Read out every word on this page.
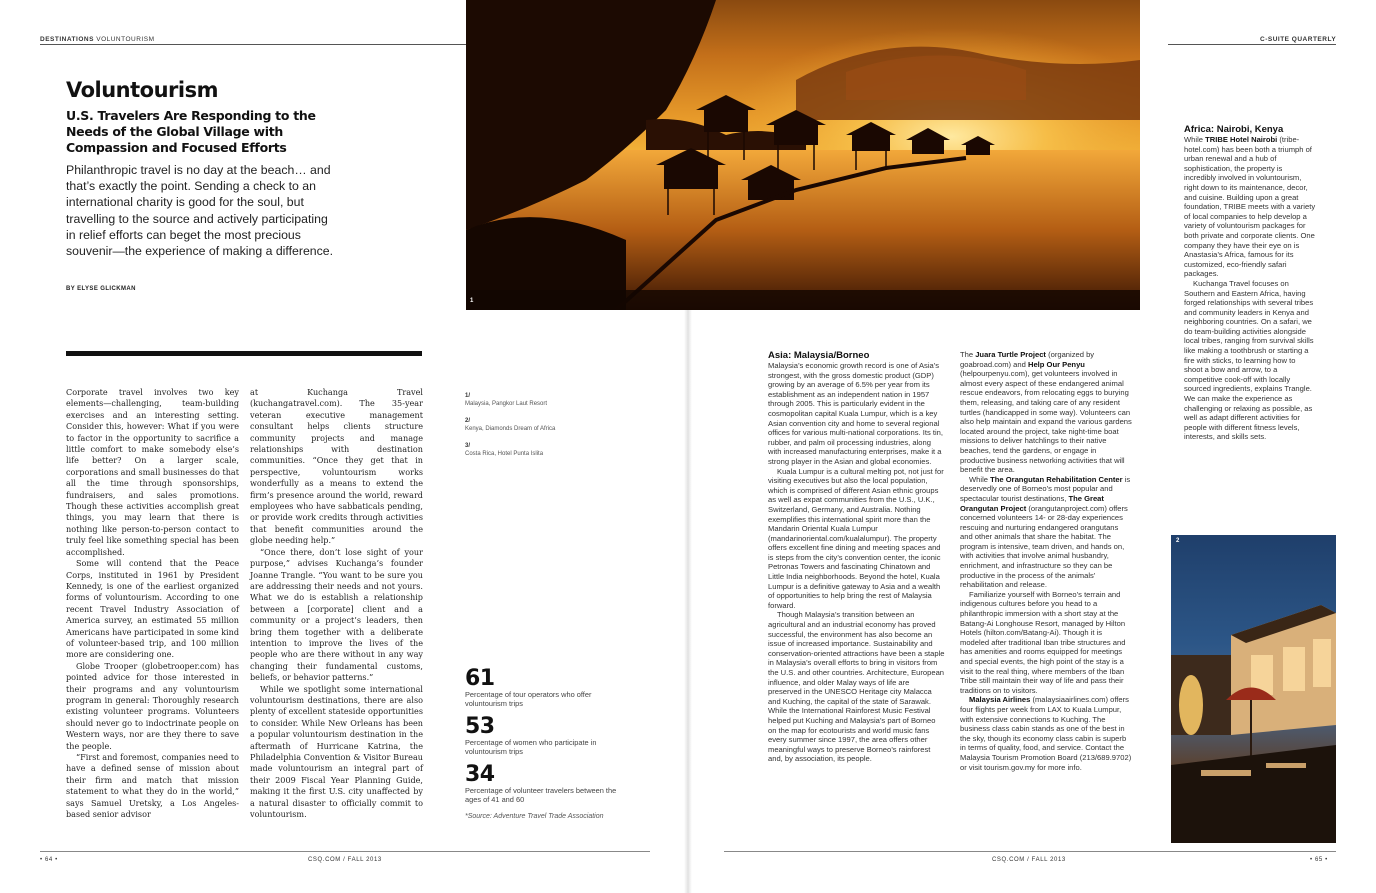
DESTINATIONS VOLUNTOURISM
Voluntourism
U.S. Travelers Are Responding to the Needs of the Global Village with Compassion and Focused Efforts
Philanthropic travel is no day at the beach… and that’s exactly the point. Sending a check to an international charity is good for the soul, but travelling to the source and actively participating in relief efforts can beget the most precious souvenir—the experience of making a difference.
BY ELYSE GLICKMAN

Corporate travel involves two key elements—challenging, team-building exercises and an interesting setting. Consider this, however: What if you were to factor in the opportunity to sacrifice a little comfort to make somebody else’s life better? On a larger scale, corporations and small businesses do that all the time through sponsorships, fundraisers, and sales promotions. Though these activities accomplish great things, you may learn that there is nothing like person-to-person contact to truly feel like something special has been accomplished.

Some will contend that the Peace Corps, instituted in 1961 by President Kennedy, is one of the earliest organized forms of voluntourism. According to one recent Travel Industry Association of America survey, an estimated 55 million Americans have participated in some kind of volunteer-based trip, and 100 million more are considering one.

Globe Trooper (globetrooper.com) has pointed advice for those interested in their programs and any voluntourism program in general: Thoroughly research existing volunteer programs. Volunteers should never go to indoctrinate people on Western ways, nor are they there to save the people.

“First and foremost, companies need to have a defined sense of mission about their firm and match that mission statement to what they do in the world,” says Samuel Uretsky, a Los Angeles-based senior advisor

at Kuchanga Travel (kuchangatravel.com). The 35-year veteran executive management consultant helps clients structure community projects and manage relationships with destination communities. “Once they get that in perspective, voluntourism works wonderfully as a means to extend the firm’s presence around the world, reward employees who have sabbaticals pending, or provide work credits through activities that benefit communities around the globe needing help.”

“Once there, don’t lose sight of your purpose,” advises Kuchanga’s founder Joanne Trangle. “You want to be sure you are addressing their needs and not yours. What we do is establish a relationship between a [corporate] client and a community or a project’s leaders, then bring them together with a deliberate intention to improve the lives of the people who are there without in any way changing their fundamental customs, beliefs, or behavior patterns.”

While we spotlight some international voluntourism destinations, there are also plenty of excellent stateside opportunities to consider. While New Orleans has been a popular voluntourism destination in the aftermath of Hurricane Katrina, the Philadelphia Convention & Visitor Bureau made voluntourism an integral part of their 2009 Fiscal Year Planning Guide, making it the first U.S. city unaffected by a natural disaster to officially commit to voluntourism.

• 64 •	CSQ.COM / FALL 2013
1/
Malaysia, Pangkor Laut Resort
2/
Kenya, Diamonds Dream of Africa
3/
Costa Rica, Hotel Punta Islita
61
Percentage of tour operators who offer voluntourism trips
53
Percentage of women who participate in voluntourism trips
34
Percentage of volunteer travelers between the ages of 41 and 60
*Source: Adventure Travel Trade Association
C-SUITE QUARTERLY
Asia: Malaysia/Borneo

Malaysia’s economic growth record is one of Asia’s strongest, with the gross domestic product (GDP) growing by an average of 6.5% per year from its establishment as an independent nation in 1957 through 2005. This is particularly evident in the cosmopolitan capital Kuala Lumpur, which is a key Asian convention city and home to several regional offices for various multi-national corporations. Its tin, rubber, and palm oil processing industries, along with increased manufacturing enterprises, make it a strong player in the Asian and global economies.

Kuala Lumpur is a cultural melting pot, not just for visiting executives but also the local population, which is comprised of different Asian ethnic groups as well as expat communities from the U.S., U.K., Switzerland, Germany, and Australia. Nothing exemplifies this international spirit more than the Mandarin Oriental Kuala Lumpur (mandarinoriental.com/kualalumpur). The property offers excellent fine dining and meeting spaces and is steps from the city’s convention center, the iconic Petronas Towers and fascinating Chinatown and Little India neighborhoods. Beyond the hotel, Kuala Lumpur is a definitive gateway to Asia and a wealth of opportunities to help bring the rest of Malaysia forward.

Though Malaysia’s transition between an agricultural and an industrial economy has proved successful, the environment has also become an issue of increased importance. Sustainability and conservation-oriented attractions have been a staple in Malaysia’s overall efforts to bring in visitors from the U.S. and other countries. Architecture, European influence, and older Malay ways of life are preserved in the UNESCO Heritage city Malacca and Kuching, the capital of the state of Sarawak. While the International Rainforest Music Festival helped put Kuching and Malaysia’s part of Borneo on the map for ecotourists and world music fans every summer since 1997, the area offers other meaningful ways to preserve Borneo’s rainforest and, by association, its people.

The Juara Turtle Project (organized by goabroad.com) and Help Our Penyu (helpourpenyu.com), get volunteers involved in almost every aspect of these endangered animal rescue endeavors, from relocating eggs to burying them, releasing, and taking care of any resident turtles (handicapped in some way). Volunteers can also help maintain and expand the various gardens located around the project, take night-time boat missions to deliver hatchlings to their native beaches, tend the gardens, or engage in productive business networking activities that will benefit the area.

While The Orangutan Rehabilitation Center is deservedly one of Borneo’s most popular and spectacular tourist destinations, The Great Orangutan Project (orangutanproject.com) offers concerned volunteers 14- or 28-day experiences rescuing and nurturing endangered orangutans and other animals that share the habitat. The program is intensive, team driven, and hands on, with activities that involve animal husbandry, enrichment, and infrastructure so they can be productive in the process of the animals’ rehabilitation and release.

Familiarize yourself with Borneo’s terrain and indigenous cultures before you head to a philanthropic immersion with a short stay at the Batang-Ai Longhouse Resort, managed by Hilton Hotels (hilton.com/Batang-Ai). Though it is modeled after traditional Iban tribe structures and has amenities and rooms equipped for meetings and special events, the high point of the stay is a visit to the real thing, where members of the Iban Tribe still maintain their way of life and pass their traditions on to visitors.

Malaysia Airlines (malaysiaairlines.com) offers four flights per week from LAX to Kuala Lumpur, with extensive connections to Kuching. The business class cabin stands as one of the best in the sky, though its economy class cabin is superb in terms of quality, food, and service. Contact the Malaysia Tourism Promotion Board (213/689.9702) or visit tourism.gov.my for more info.

Africa: Nairobi, Kenya

While TRIBE Hotel Nairobi (tribe-hotel.com) has been both a triumph of urban renewal and a hub of sophistication, the property is incredibly involved in voluntourism, right down to its maintenance, decor, and cuisine. Building upon a great foundation, TRIBE meets with a variety of local companies to help develop a variety of voluntourism packages for both private and corporate clients. One company they have their eye on is Anastasia’s Africa, famous for its customized, eco-friendly safari packages.

Kuchanga Travel focuses on Southern and Eastern Africa, having forged relationships with several tribes and community leaders in Kenya and neighboring countries. On a safari, we do team-building activities alongside local tribes, ranging from survival skills like making a toothbrush or starting a fire with sticks, to learning how to shoot a bow and arrow, to a competitive cook-off with locally sourced ingredients, explains Trangle. We can make the experience as challenging or relaxing as possible, as well as adapt different activities for people with different fitness levels, interests, and skills sets.

CSQ.COM / FALL 2013	• 65 •
1
2
